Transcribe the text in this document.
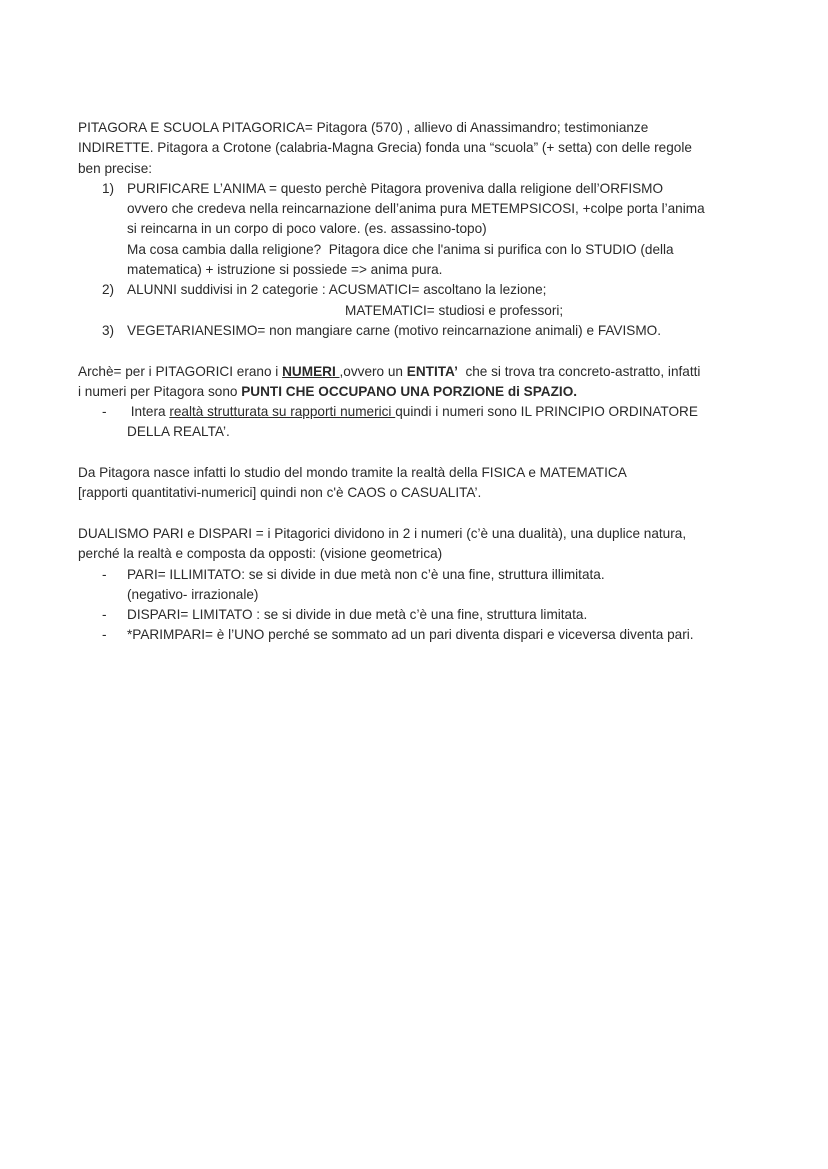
PITAGORA E SCUOLA PITAGORICA= Pitagora (570) , allievo di Anassimandro; testimonianze
INDIRETTE. Pitagora a Crotone (calabria-Magna Grecia) fonda una “scuola” (+ setta) con delle regole
ben precise:
1) PURIFICARE L’ANIMA = questo perchè Pitagora proveniva dalla religione dell’ORFISMO
ovvero che credeva nella reincarnazione dell’anima pura METEMPSICOSI, +colpe porta l’anima
si reincarna in un corpo di poco valore. (es. assassino-topo)
Ma cosa cambia dalla religione?  Pitagora dice che l'anima si purifica con lo STUDIO (della
matematica) + istruzione si possiede => anima pura.
2) ALUNNI suddivisi in 2 categorie : ACUSMATICI= ascoltano la lezione;
MATEMATICI= studiosi e professori;
3) VEGETARIANESIMO= non mangiare carne (motivo reincarnazione animali) e FAVISMO.
Archè= per i PITAGORICI erano i NUMERI ,ovvero un ENTITA’  che si trova tra concreto-astratto, infatti
i numeri per Pitagora sono PUNTI CHE OCCUPANO UNA PORZIONE di SPAZIO.
- Intera realtà strutturata su rapporti numerici quindi i numeri sono IL PRINCIPIO ORDINATORE
DELLA REALTA’.
Da Pitagora nasce infatti lo studio del mondo tramite la realtà della FISICA e MATEMATICA
[rapporti quantitativi-numerici] quindi non c'è CAOS o CASUALITA’.
DUALISMO PARI e DISPARI = i Pitagorici dividono in 2 i numeri (c’è una dualità), una duplice natura,
perché la realtà e composta da opposti: (visione geometrica)
- PARI= ILLIMITATO: se si divide in due metà non c’è una fine, struttura illimitata.
(negativo- irrazionale)
- DISPARI= LIMITATO : se si divide in due metà c’è una fine, struttura limitata.
- *PARIMPARI= è l’UNO perché se sommato ad un pari diventa dispari e viceversa diventa pari.
